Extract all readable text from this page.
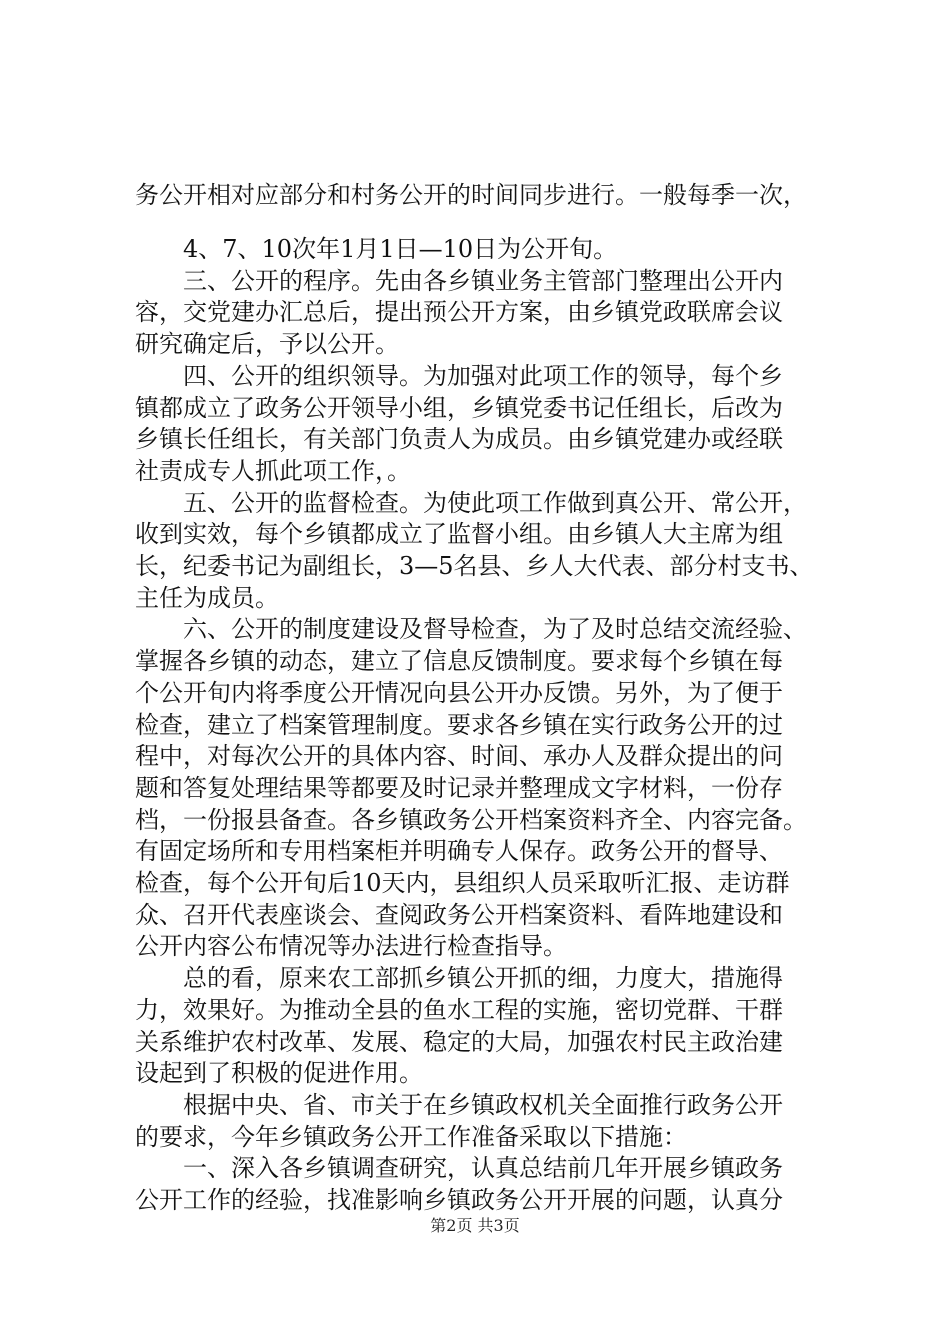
务公开相对应部分和村务公开的时间同步进行。一般每季一次，
4、7、10次年1月1日—10日为公开旬。
三、公开的程序。先由各乡镇业务主管部门整理出公开内
容，交党建办汇总后，提出预公开方案，由乡镇党政联席会议
研究确定后，予以公开。
四、公开的组织领导。为加强对此项工作的领导，每个乡
镇都成立了政务公开领导小组，乡镇党委书记任组长，后改为
乡镇长任组长，有关部门负责人为成员。由乡镇党建办或经联
社责成专人抓此项工作，。
五、公开的监督检查。为使此项工作做到真公开、常公开，
收到实效，每个乡镇都成立了监督小组。由乡镇人大主席为组
长，纪委书记为副组长，3—5名县、乡人大代表、部分村支书、
主任为成员。
六、公开的制度建设及督导检查，为了及时总结交流经验、
掌握各乡镇的动态，建立了信息反馈制度。要求每个乡镇在每
个公开旬内将季度公开情况向县公开办反馈。另外，为了便于
检查，建立了档案管理制度。要求各乡镇在实行政务公开的过
程中，对每次公开的具体内容、时间、承办人及群众提出的问
题和答复处理结果等都要及时记录并整理成文字材料，一份存
档，一份报县备查。各乡镇政务公开档案资料齐全、内容完备。
有固定场所和专用档案柜并明确专人保存。政务公开的督导、
检查，每个公开旬后10天内，县组织人员采取听汇报、走访群
众、召开代表座谈会、查阅政务公开档案资料、看阵地建设和
公开内容公布情况等办法进行检查指导。
总的看，原来农工部抓乡镇公开抓的细，力度大，措施得
力，效果好。为推动全县的鱼水工程的实施，密切党群、干群
关系维护农村改革、发展、稳定的大局，加强农村民主政治建
设起到了积极的促进作用。
根据中央、省、市关于在乡镇政权机关全面推行政务公开
的要求，今年乡镇政务公开工作准备采取以下措施：
一、深入各乡镇调查研究，认真总结前几年开展乡镇政务
公开工作的经验，找准影响乡镇政务公开开展的问题，认真分
第2页 共3页
